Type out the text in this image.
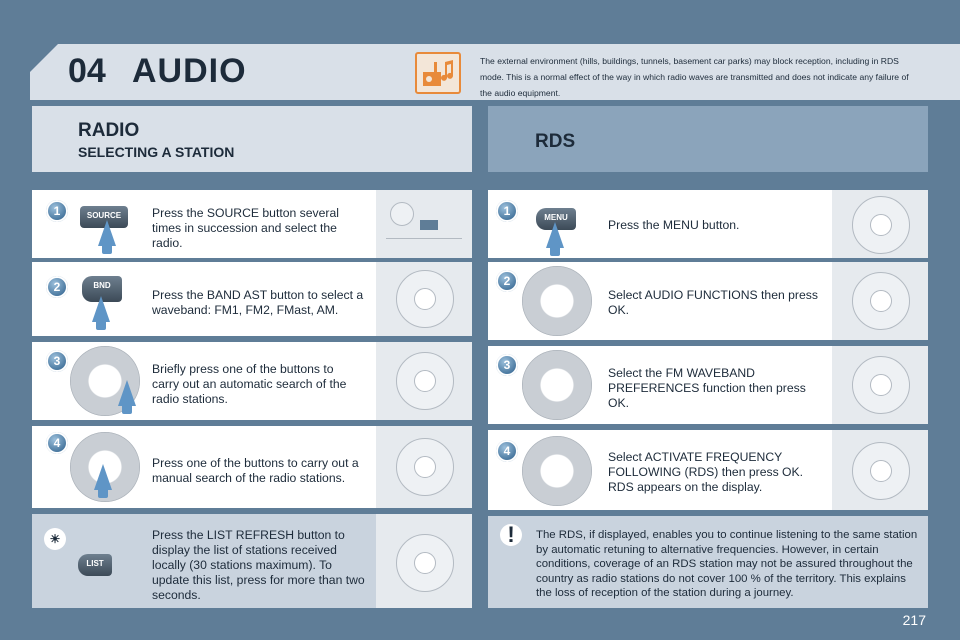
04 AUDIO	The external environment (hills, buildings, tunnels, basement car parks) may block reception, including in RDS mode. This is a normal effect of the way in which radio waves are transmitted and does not indicate any failure of the audio equipment.
RADIO
SELECTING A STATION	RDS
1	SOURCE	Press the SOURCE button several times in succession and select the radio.
2	BND
Press the BAND AST button to select a waveband: FM1, FM2, FMast, AM.
3
Briefly press one of the buttons to carry out an automatic search of the radio stations.
4
Press one of the buttons to carry out a manual search of the radio stations.
☀
LIST
Press the LIST REFRESH button to display the list of stations received locally (30 stations maximum). To update this list, press for more than two seconds.
1	MENU
Press the MENU button.
2
Select AUDIO FUNCTIONS then press OK.
3
Select the FM WAVEBAND PREFERENCES function then press OK.
4	Select ACTIVATE FREQUENCY FOLLOWING (RDS) then press OK. RDS appears on the display.
!	The RDS, if displayed, enables you to continue listening to the same station by automatic retuning to alternative frequencies. However, in certain conditions, coverage of an RDS station may not be assured throughout the country as radio stations do not cover 100 % of the territory. This explains the loss of reception of the station during a journey.
217
